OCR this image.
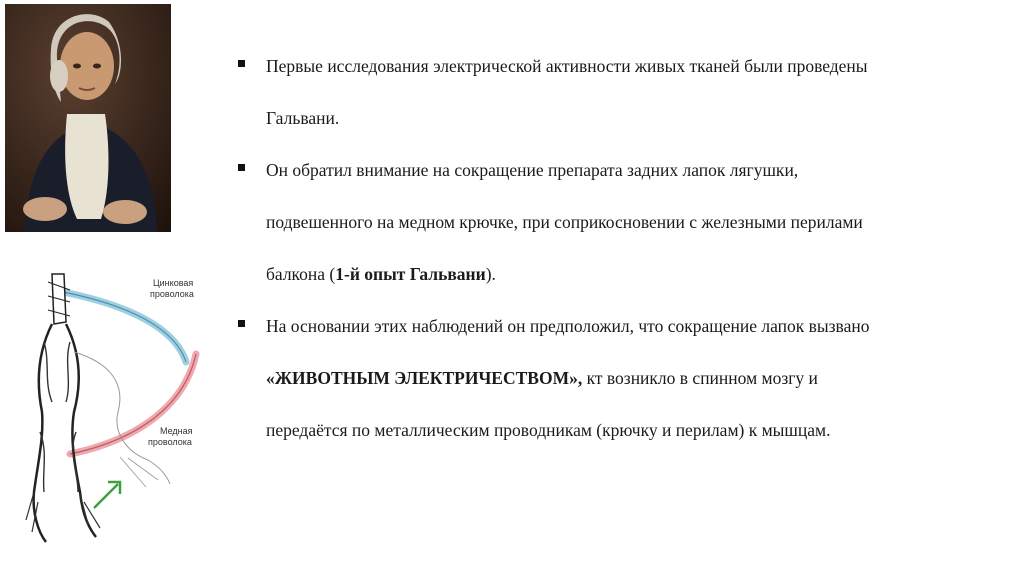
Цинковая
проволока
Медная
проволока
Первые исследования электрической активности живых тканей были проведены
Гальвани.
Он обратил внимание на сокращение препарата задних лапок лягушки,
подвешенного на медном крючке, при соприкосновении с железными перилами
балкона (1-й опыт Гальвани).
На основании этих наблюдений он предположил, что сокращение лапок вызвано
«ЖИВОТНЫМ ЭЛЕКТРИЧЕСТВОМ», кт возникло в спинном мозгу и
передаётся по металлическим проводникам (крючку и перилам) к мышцам.
